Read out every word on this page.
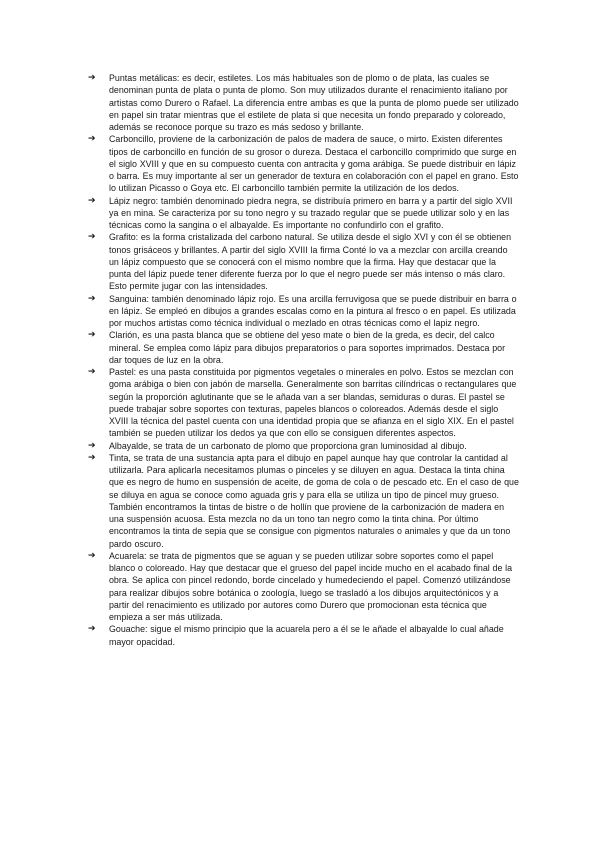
➔	Puntas metálicas: es decir, estiletes. Los más habituales son de plomo o de plata, las cuales se denominan punta de plata o punta de plomo. Son muy utilizados durante el renacimiento italiano por artistas como Durero o Rafael. La diferencia entre ambas es que la punta de plomo puede ser utilizado en papel sin tratar mientras que el estilete de plata si que necesita un fondo preparado y coloreado, además se reconoce porque su trazo es más sedoso y brillante.
➔	Carboncillo, proviene de la carbonización de palos de madera de sauce, o mirto. Existen diferentes tipos de carboncillo en función de su grosor o dureza. Destaca el carboncillo comprimido que surge en el siglo XVIII y que en su compuesto cuenta con antracita y goma arábiga. Se puede distribuir en lápiz o barra. Es muy importante al ser un generador de textura en colaboración con el papel en grano. Esto lo utilizan Picasso o Goya etc. El carboncillo también permite la utilización de los dedos.
➔	Lápiz negro: también denominado piedra negra, se distribuía primero en barra y a partir del siglo XVII ya en mina. Se caracteriza por su tono negro y su trazado regular que se puede utilizar solo y en las técnicas como la sangina o el albayalde. Es importante no confundirlo con el grafito.
➔	Grafito: es la forma cristalizada del carbono natural. Se utiliza desde el siglo XVI y con él se obtienen tonos grisáceos y brillantes. A partir del siglo XVIII la firma Conté lo va a mezclar con arcilla creando un lápiz compuesto que se conocerá con el mismo nombre que la firma. Hay que destacar que la punta del lápiz puede tener diferente fuerza por lo que el negro puede ser más intenso o más claro. Esto permite jugar con las intensidades.
➔	Sanguina: también denominado lápiz rojo. Es una arcilla ferruvigosa que se puede distribuir en barra o en lápiz. Se empleó en dibujos a grandes escalas como en la pintura al fresco o en papel. Es utilizada por muchos artistas como técnica individual o mezlado en otras técnicas como el lapiz negro.
➔	Clarión, es una pasta blanca que se obtiene del yeso mate o bien de la greda, es decir, del calco mineral. Se emplea como lápiz para dibujos preparatorios o para soportes imprimados. Destaca por dar toques de luz en la obra.
➔	Pastel: es una pasta constituida por pigmentos vegetales o minerales en polvo. Estos se mezclan con goma arábiga o bien con jabón de marsella. Generalmente son barritas cilíndricas o rectangulares que según la proporción aglutinante que se le añada van a ser blandas, semiduras o duras. El pastel se puede trabajar sobre soportes con texturas, papeles blancos o coloreados. Además desde el siglo XVIII la técnica del pastel cuenta con una identidad propia que se afianza en el siglo XIX. En el pastel también se pueden utilizar los dedos ya que con ello se consiguen diferentes aspectos.
➔	Albayalde, se trata de un carbonato de plomo que proporciona gran luminosidad al dibujo.
➔	Tinta, se trata de una sustancia apta para el dibujo en papel aunque hay que controlar la cantidad al utilizarla. Para aplicarla necesitamos plumas o pinceles y se diluyen en agua. Destaca la tinta china que es negro de humo en suspensión de aceite, de goma de cola o de pescado etc. En el caso de que se diluya en agua se conoce como aguada gris y para ella se utiliza un tipo de pincel muy grueso. También encontramos la tintas de bistre o de hollín que proviene de la carbonización de madera en una suspensión acuosa. Esta mezcla no da un tono tan negro como la tinta china. Por último encontramos la tinta de sepia que se consigue con pigmentos naturales o animales y que da un tono pardo oscuro.
➔	Acuarela: se trata de pigmentos que se aguan y se pueden utilizar sobre soportes como el papel blanco o coloreado. Hay que destacar que el grueso del papel incide mucho en el acabado final de la obra. Se aplica con pincel redondo, borde cincelado y humedeciendo el papel. Comenzó utilizándose para realizar dibujos sobre botánica o zoología, luego se trasladó a los dibujos arquitectónicos y a partir del renacimiento es utilizado por autores como Durero que promocionan esta técnica que empieza a ser más utilizada.
➔	Gouache: sigue el mismo principio que la acuarela pero a él se le añade el albayalde lo cual añade mayor opacidad.
